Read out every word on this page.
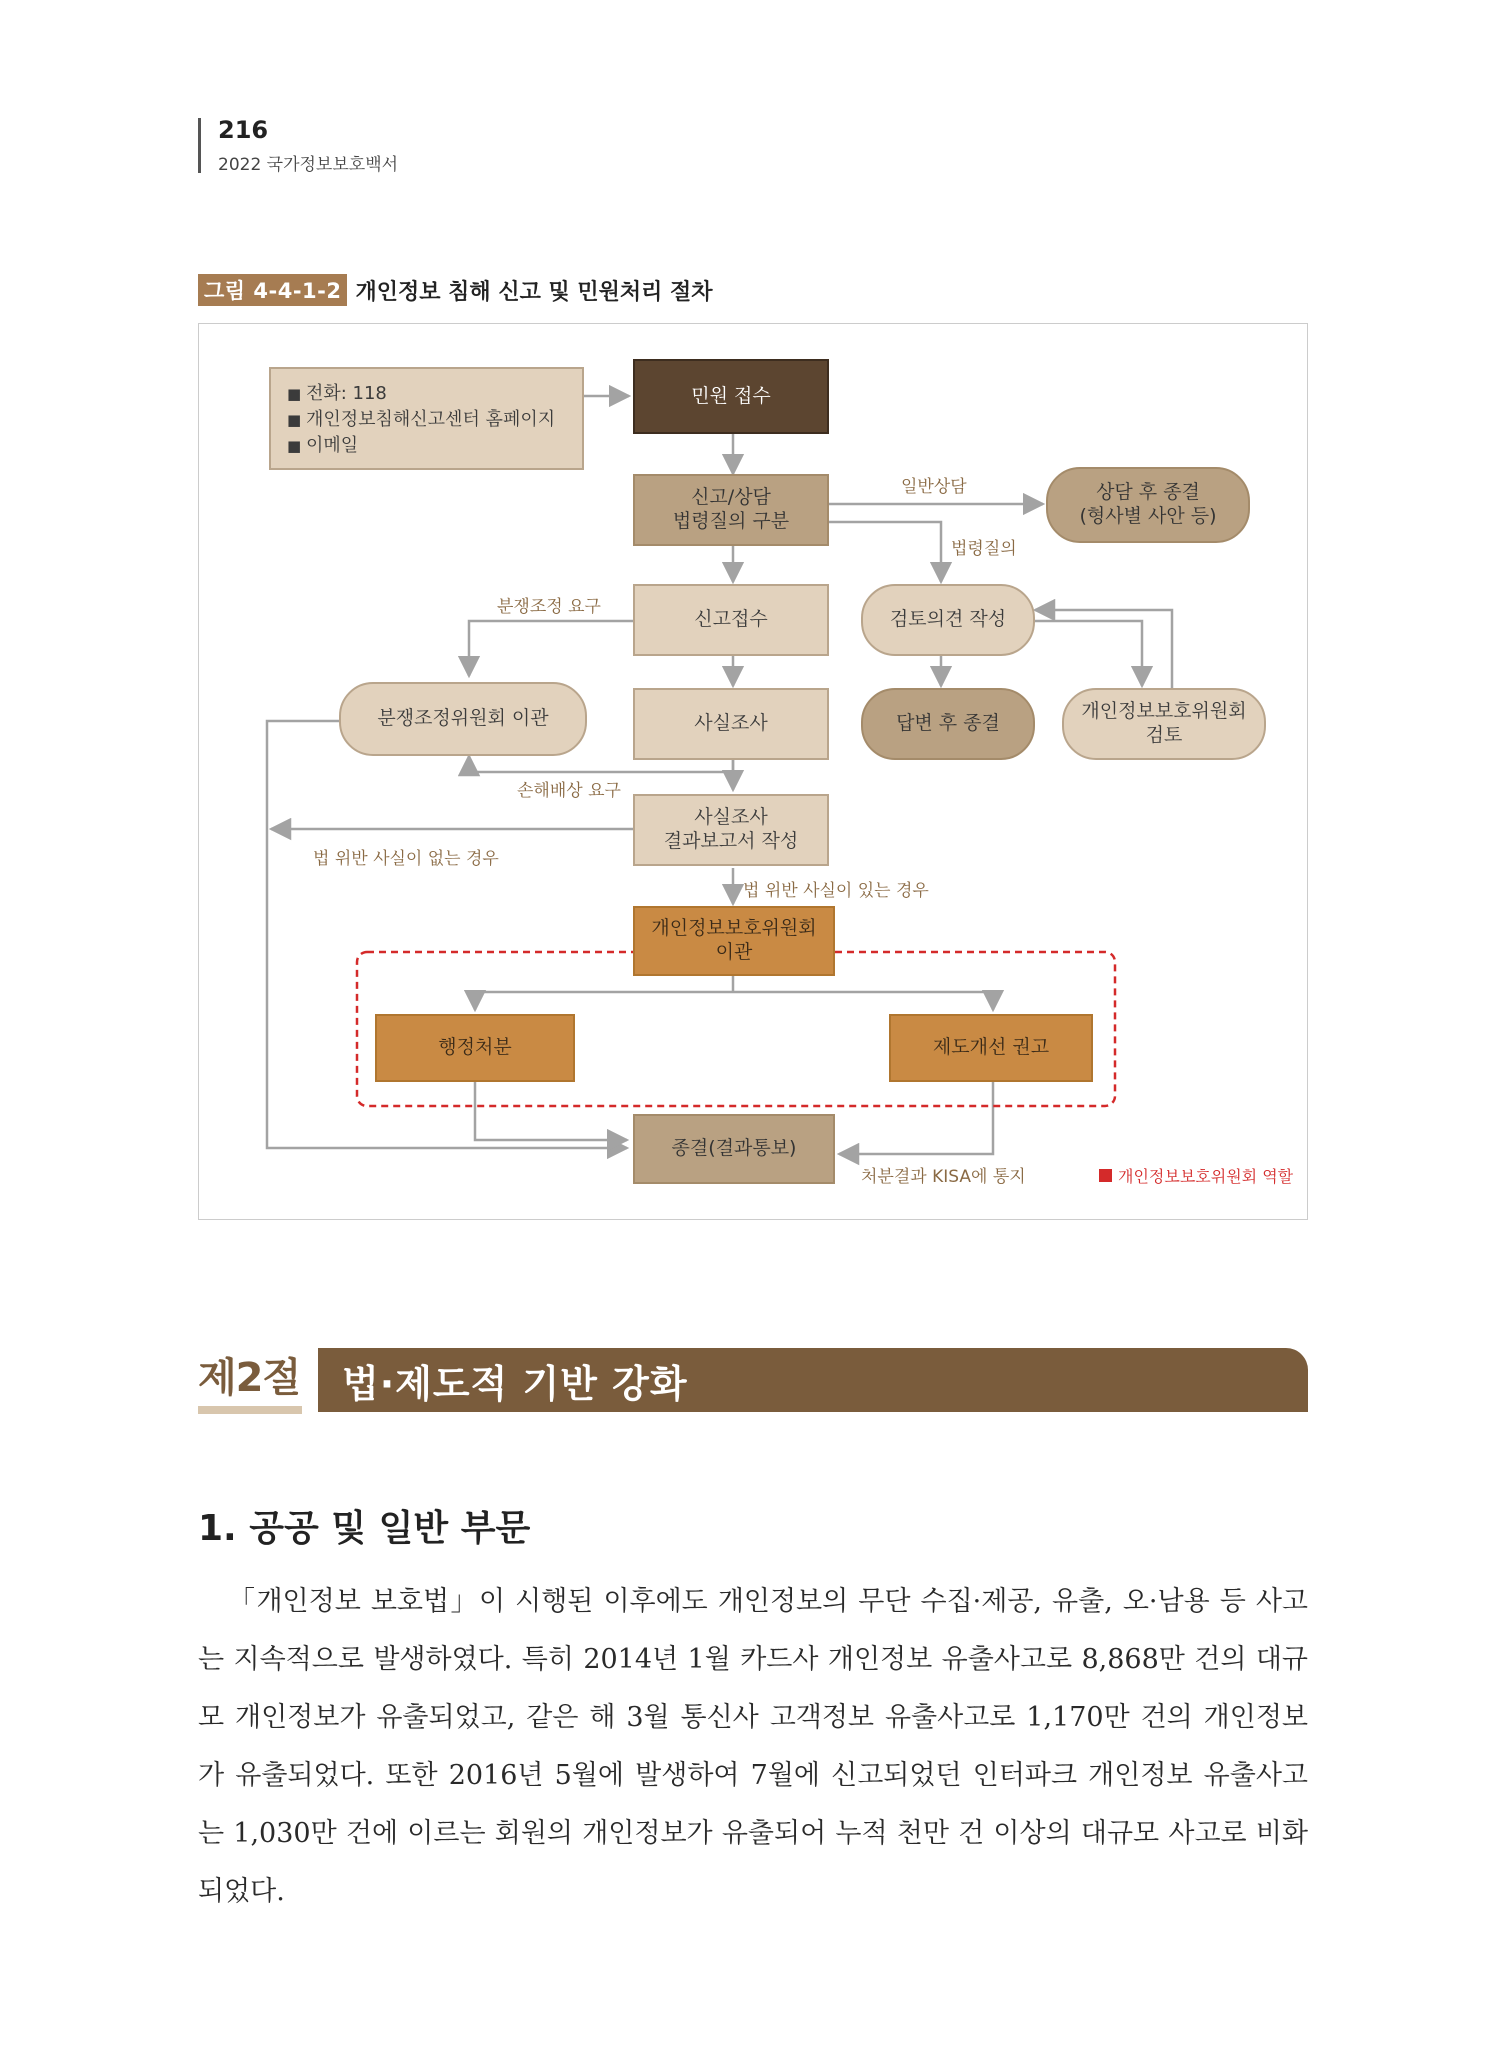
216
2022 국가정보보호백서
그림 4-4-1-2 개인정보 침해 신고 및 민원처리 절차
■ 전화: 118
■ 개인정보침해신고센터 홈페이지
■ 이메일
민원 접수
신고/상담
법령질의 구분
상담 후 종결
(형사별 사안 등)
신고접수	검토의견 작성
분쟁조정위원회 이관	사실조사	답변 후 종결
개인정보보호위원회
검토
사실조사
결과보고서 작성
개인정보보호위원회
이관
행정처분	제도개선 권고
종결(결과통보)
일반상담
법령질의
분쟁조정 요구
손해배상 요구
법 위반 사실이 없는 경우
법 위반 사실이 있는 경우
처분결과 KISA에 통지	개인정보보호위원회 역할
제2절 법·제도적 기반 강화
1. 공공 및 일반 부문
「개인정보 보호법」이 시행된 이후에도 개인정보의 무단 수집·제공, 유출, 오·남용 등 사고는 지속적으로 발생하였다. 특히 2014년 1월 카드사 개인정보 유출사고로 8,868만 건의 대규모 개인정보가 유출되었고, 같은 해 3월 통신사 고객정보 유출사고로 1,170만 건의 개인정보가 유출되었다. 또한 2016년 5월에 발생하여 7월에 신고되었던 인터파크 개인정보 유출사고는 1,030만 건에 이르는 회원의 개인정보가 유출되어 누적 천만 건 이상의 대규모 사고로 비화되었다.
